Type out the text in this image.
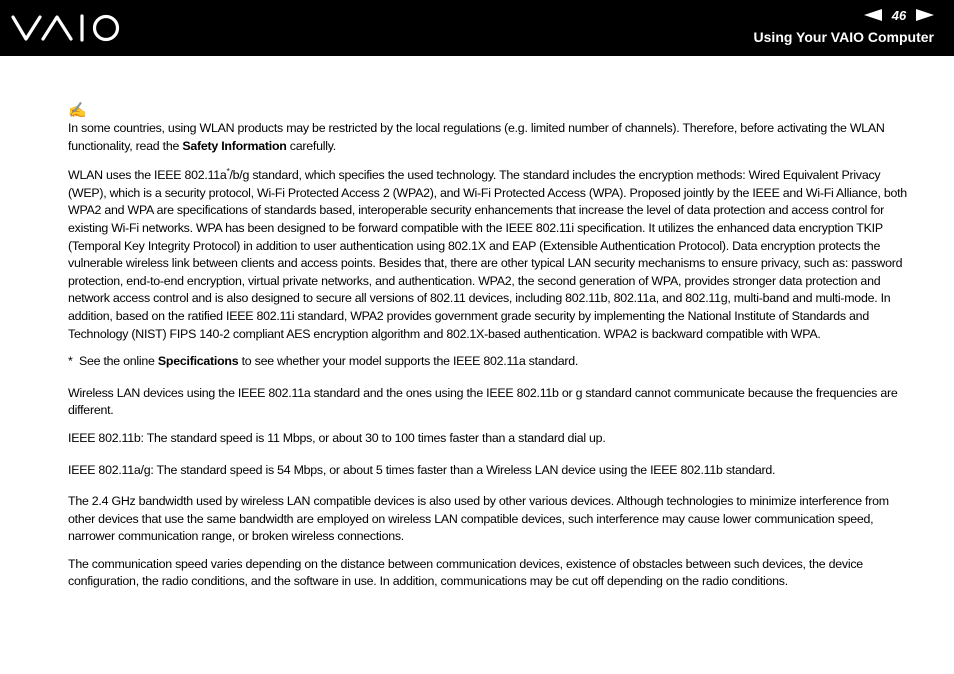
46
Using Your VAIO Computer
✍

In some countries, using WLAN products may be restricted by the local regulations (e.g. limited number of channels). Therefore, before activating the WLAN functionality, read the Safety Information carefully.

WLAN uses the IEEE 802.11a*/b/g standard, which specifies the used technology. The standard includes the encryption methods: Wired Equivalent Privacy (WEP), which is a security protocol, Wi-Fi Protected Access 2 (WPA2), and Wi-Fi Protected Access (WPA). Proposed jointly by the IEEE and Wi-Fi Alliance, both WPA2 and WPA are specifications of standards based, interoperable security enhancements that increase the level of data protection and access control for existing Wi-Fi networks. WPA has been designed to be forward compatible with the IEEE 802.11i specification. It utilizes the enhanced data encryption TKIP (Temporal Key Integrity Protocol) in addition to user authentication using 802.1X and EAP (Extensible Authentication Protocol). Data encryption protects the vulnerable wireless link between clients and access points. Besides that, there are other typical LAN security mechanisms to ensure privacy, such as: password protection, end-to-end encryption, virtual private networks, and authentication. WPA2, the second generation of WPA, provides stronger data protection and network access control and is also designed to secure all versions of 802.11 devices, including 802.11b, 802.11a, and 802.11g, multi-band and multi-mode. In addition, based on the ratified IEEE 802.11i standard, WPA2 provides government grade security by implementing the National Institute of Standards and Technology (NIST) FIPS 140-2 compliant AES encryption algorithm and 802.1X-based authentication. WPA2 is backward compatible with WPA.

* See the online Specifications to see whether your model supports the IEEE 802.11a standard.

Wireless LAN devices using the IEEE 802.11a standard and the ones using the IEEE 802.11b or g standard cannot communicate because the frequencies are different.

IEEE 802.11b: The standard speed is 11 Mbps, or about 30 to 100 times faster than a standard dial up.

IEEE 802.11a/g: The standard speed is 54 Mbps, or about 5 times faster than a Wireless LAN device using the IEEE 802.11b standard.

The 2.4 GHz bandwidth used by wireless LAN compatible devices is also used by other various devices. Although technologies to minimize interference from other devices that use the same bandwidth are employed on wireless LAN compatible devices, such interference may cause lower communication speed, narrower communication range, or broken wireless connections.

The communication speed varies depending on the distance between communication devices, existence of obstacles between such devices, the device configuration, the radio conditions, and the software in use. In addition, communications may be cut off depending on the radio conditions.
